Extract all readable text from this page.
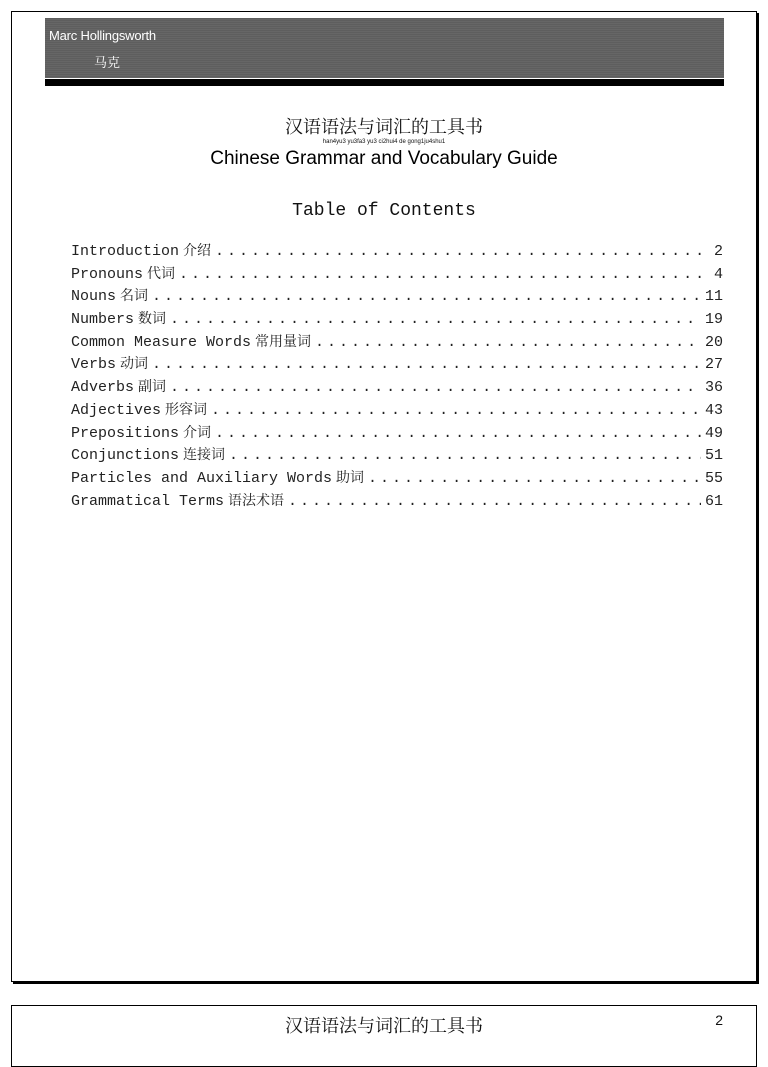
Marc Hollingsworth
马克
汉语语法与词汇的工具书
han4yu3 yu3fa3 yu3 ci2hui4 de gong1ju4shu1
Chinese Grammar and Vocabulary Guide
Table of Contents
Introduction 介绍 . . .	2
Pronouns 代词 . . .	4
Nouns 名词 . . .	11
Numbers 数词 . . .	19
Common Measure Words 常用量词 . . .	20
Verbs 动词 . . .	27
Adverbs 副词 . . .	36
Adjectives 形容词 . . .	43
Prepositions 介词 . . .	49
Conjunctions 连接词 . . .	51
Particles and Auxiliary Words 助词 . . .	55
Grammatical Terms 语法术语 . . .	61
汉语语法与词汇的工具书	2
